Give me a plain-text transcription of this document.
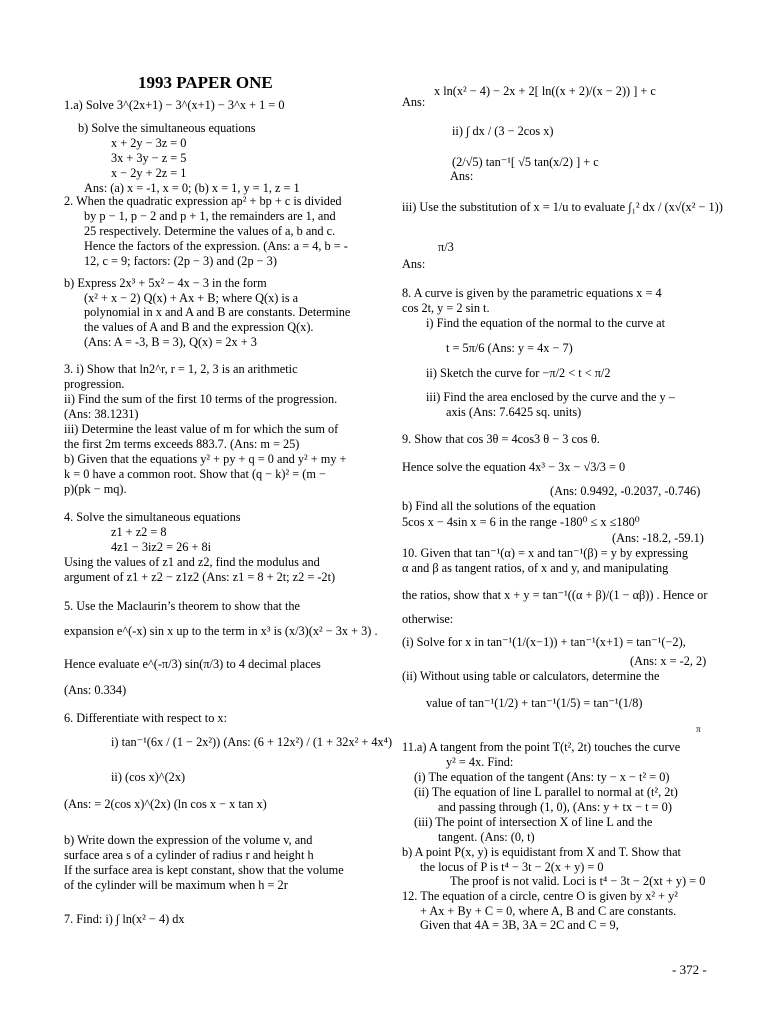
1993 PAPER ONE
1.a) Solve 3^(2x+1) − 3^(x+1) − 3^x + 1 = 0
b) Solve the simultaneous equations
x + 2y − 3z = 0
3x + 3y − z = 5
x − 2y + 2z = 1
Ans: (a) x = -1, x = 0; (b) x = 1, y = 1, z = 1
2. When the quadratic expression ap² + bp + c is divided
by p − 1, p − 2 and p + 1, the remainders are 1, and
25 respectively. Determine the values of a, b and c.
Hence the factors of the expression. (Ans: a = 4, b = -
12, c = 9; factors: (2p − 3) and (2p − 3)
b) Express 2x³ + 5x² − 4x − 3 in the form
(x² + x − 2) Q(x) + Ax + B; where Q(x) is a
polynomial in x and A and B are constants. Determine
the values of A and B and the expression Q(x).
(Ans: A = -3, B = 3), Q(x) = 2x + 3
3. i) Show that ln2^r, r = 1, 2, 3 is an arithmetic
progression.
ii) Find the sum of the first 10 terms of the progression.
(Ans: 38.1231)
iii) Determine the least value of m for which the sum of
the first 2m terms exceeds 883.7. (Ans: m = 25)
b) Given that the equations y² + py + q = 0 and y² + my +
k = 0 have a common root. Show that (q − k)² = (m −
p)(pk − mq).
4. Solve the simultaneous equations
z1 + z2 = 8
4z1 − 3iz2 = 26 + 8i
Using the values of z1 and z2, find the modulus and
argument of z1 + z2 − z1z2 (Ans: z1 = 8 + 2t; z2 = -2t)
5. Use the Maclaurin’s theorem to show that the
expansion e^(-x) sin x up to the term in x³ is (x/3)(x² − 3x + 3) .
Hence evaluate e^(-π/3) sin(π/3) to 4 decimal places
(Ans: 0.334)
6. Differentiate with respect to x:
i) tan⁻¹(6x / (1 − 2x²)) (Ans: (6 + 12x²) / (1 + 32x² + 4x⁴)
ii) (cos x)^(2x)
(Ans: = 2(cos x)^(2x) (ln cos x − x tan x)
b) Write down the expression of the volume v, and
surface area s of a cylinder of radius r and height h
If the surface area is kept constant, show that the volume
of the cylinder will be maximum when h = 2r
7. Find: i) ∫ ln(x² − 4) dx
x ln(x² − 4) − 2x + 2[ ln((x + 2)/(x − 2)) ] + c
Ans:
ii) ∫ dx / (3 − 2cos x)
(2/√5) tan⁻¹[ √5 tan(x/2) ] + c
Ans:
iii) Use the substitution of x = 1/u to evaluate ∫₁² dx / (x√(x² − 1))
π/3
Ans:
8. A curve is given by the parametric equations x = 4
cos 2t, y = 2 sin t.
i) Find the equation of the normal to the curve at
t = 5π/6 (Ans: y = 4x − 7)
ii) Sketch the curve for −π/2 < t < π/2
iii) Find the area enclosed by the curve and the y –
axis (Ans: 7.6425 sq. units)
9. Show that cos 3θ = 4cos3 θ − 3 cos θ.
Hence solve the equation 4x³ − 3x − √3/3 = 0
(Ans: 0.9492, -0.2037, -0.746)
b) Find all the solutions of the equation
5cos x − 4sin x = 6 in the range -180⁰ ≤ x ≤180⁰
(Ans: -18.2, -59.1)
10. Given that tan⁻¹(α) = x and tan⁻¹(β) = y by expressing
α and β as tangent ratios, of x and y, and manipulating
the ratios, show that x + y = tan⁻¹((α + β)/(1 − αβ)) . Hence or
otherwise:
(i) Solve for x in tan⁻¹(1/(x−1)) + tan⁻¹(x+1) = tan⁻¹(−2),
(Ans: x = -2, 2)
(ii) Without using table or calculators, determine the
value of tan⁻¹(1/2) + tan⁻¹(1/5) = tan⁻¹(1/8)
π
11.a) A tangent from the point T(t², 2t) touches the curve
y² = 4x. Find:
(i) The equation of the tangent (Ans: ty − x − t² = 0)
(ii) The equation of line L parallel to normal at (t², 2t)
and passing through (1, 0), (Ans: y + tx − t = 0)
(iii) The point of intersection X of line L and the
tangent. (Ans: (0, t)
b) A point P(x, y) is equidistant from X and T. Show that
the locus of P is t⁴ − 3t − 2(x + y) = 0
The proof is not valid. Loci is t⁴ − 3t − 2(xt + y) = 0
12. The equation of a circle, centre O is given by x² + y²
+ Ax + By + C = 0, where A, B and C are constants.
Given that 4A = 3B, 3A = 2C and C = 9,
- 372 -
